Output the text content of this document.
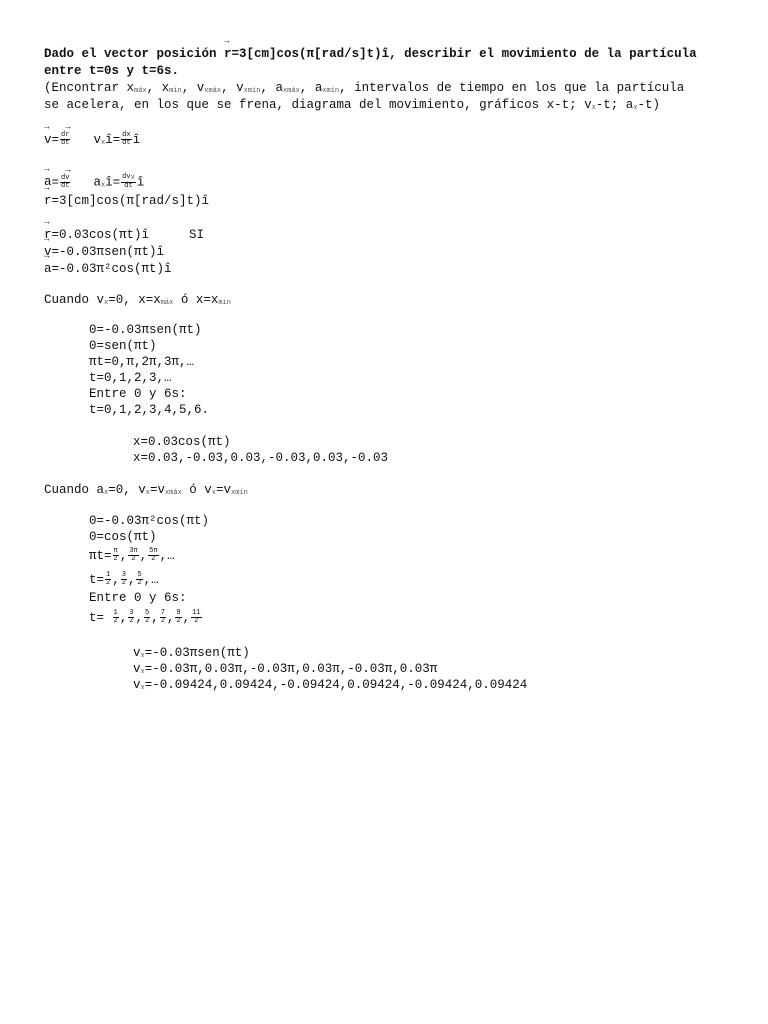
Dado el vector posición → r=3[cm]cos(π[rad/s]t)î, describir el movimiento de la partícula
entre t=0s y t=6s.
(Encontrar xmáx, xmín, vxmáx, vxmín, axmáx, axmín, intervalos de tiempo en los que la partícula
se acelera, en los que se frena, diagrama del movimiento, gráficos x-t; vx-t; ax-t)
→ $v= \frac{d\to r}{dt}$ vxî= $\frac{dx}{dt}$ î
→ $a= \frac{d\to v}{dt}$ axî= $\frac{\text{dvx}}{dt}$ î
→ r=3[cm]cos(π[rad/s]t)î
→ r=0.03cos(πt)î	SI
→ v=-0.03πsen(πt)î
→ a=-0.03π²cos(πt)î
Cuando vx=0, x=xmáx ó x=xmín
0=-0.03πsen(πt)
0=sen(πt)
πt=0,π,2π,3π,…
t=0,1,2,3,…
Entre 0 y 6s:
t=0,1,2,3,4,5,6.
x=0.03cos(πt)
x=0.03,-0.03,0.03,-0.03,0.03,-0.03
Cuando ax=0, vx=vxmáx ó vx=vxmín
0=-0.03π²cos(πt)
0=cos(πt)
$\pi t= \frac{\pi}{2}$ , $\frac{3\pi}{2}$ , $\frac{5\pi}{2}$ ,…
$t= \frac{1}{2}$ , $\frac{3}{2}$ , $\frac{5}{2}$ ,…
Entre 0 y 6s:
$t= \frac{1}{2}$ , $\frac{3}{2}$ , $\frac{5}{2}$ , $\frac{7}{2}$ , $\frac{9}{2}$ , $\frac{11}{2}$
vx=-0.03πsen(πt)
vx=-0.03π,0.03π,-0.03π,0.03π,-0.03π,0.03π
vx=-0.09424,0.09424,-0.09424,0.09424,-0.09424,0.09424
